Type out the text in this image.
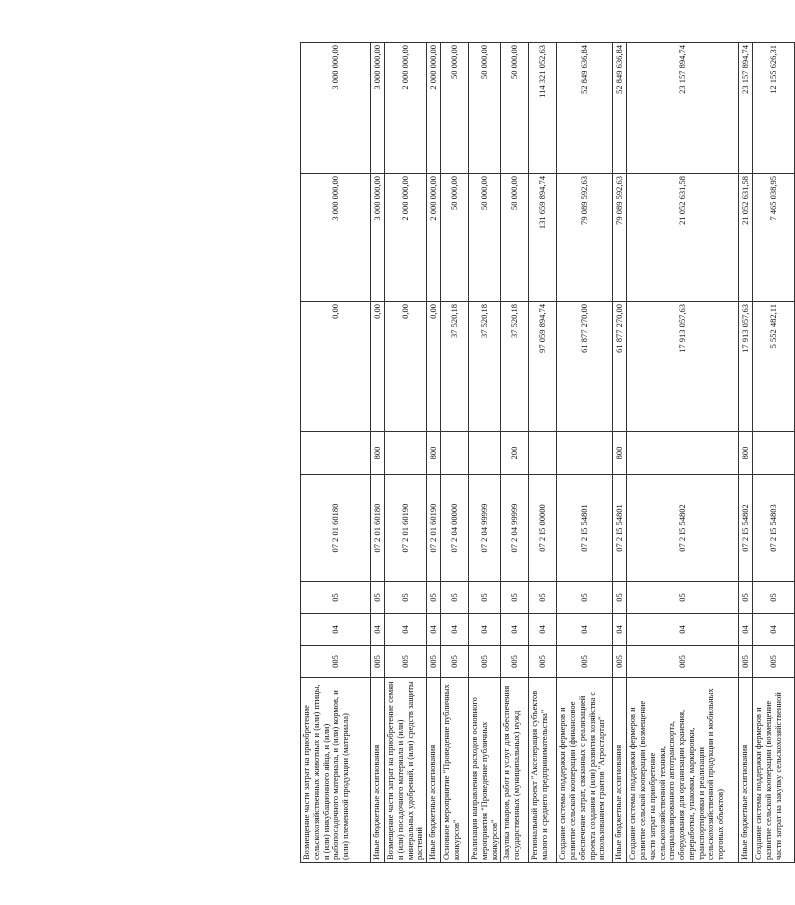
Возмещение части затрат на приобретение сельскохозяйственных животных и (или) птицы, и (или) инкубационного яйца, и (или) рыбопосадочного материала, и (или) кормов, и (или) племенной продукции (материала)	005	04	05	07 2 01 60180		0,00	3 000 000,00	3 000 000,00
Иные бюджетные ассигнования	005	04	05	07 2 01 60180	800	0,00	3 000 000,00	3 000 000,00
Возмещение части затрат на приобретение семян и (или) посадочного материала и (или) минеральных удобрений, и (или) средств защиты растений	005	04	05	07 2 01 60190		0,00	2 000 000,00	2 000 000,00
Иные бюджетные ассигнования	005	04	05	07 2 01 60190	800	0,00	2 000 000,00	2 000 000,00
Основное мероприятие "Проведение публичных конкурсов"	005	04	05	07 2 04 00000		37 520,18	50 000,00	50 000,00
Реализация направления расходов основного мероприятия "Проведение публичных конкурсов"	005	04	05	07 2 04 99999		37 520,18	50 000,00	50 000,00
Закупка товаров, работ и услуг для обеспечения государственных (муниципальных) нужд	005	04	05	07 2 04 99999	200	37 520,18	50 000,00	50 000,00
Региональный проект "Акселерация субъектов малого и среднего предпринимательства"	005	04	05	07 2 I5 00000		97 059 894,74	131 659 894,74	114 321 052,63
Создание системы поддержки фермеров и развитие сельской кооперации (финансовое обеспечение затрат, связанных с реализацией проекта создания и (или) развития хозяйства с использованием грантов "Агростартап"	005	04	05	07 2 I5 54801		61 877 270,00	79 089 592,63	52 849 636,84
Иные бюджетные ассигнования	005	04	05	07 2 I5 54801	800	61 877 270,00	79 089 592,63	52 849 636,84
Создание системы поддержки фермеров и развитие сельской кооперации (возмещение части затрат на приобретение сельскохозяйственной техники, специализированного автотранспорта, оборудования для организации хранения, переработки, упаковки, маркировки, транспортировки и реализации сельскохозяйственной продукции и мобильных торговых объектов)	005	04	05	07 2 I5 54802		17 913 057,63	21 052 631,58	23 157 894,74
Иные бюджетные ассигнования	005	04	05	07 2 I5 54802	800	17 913 057,63	21 052 631,58	23 157 894,74
Создание системы поддержки фермеров и развитие сельской кооперации (возмещение части затрат на закупку сельскохозяйственной	005	04	05	07 2 I5 54803		5 552 482,11	7 465 038,95	12 155 626,31
